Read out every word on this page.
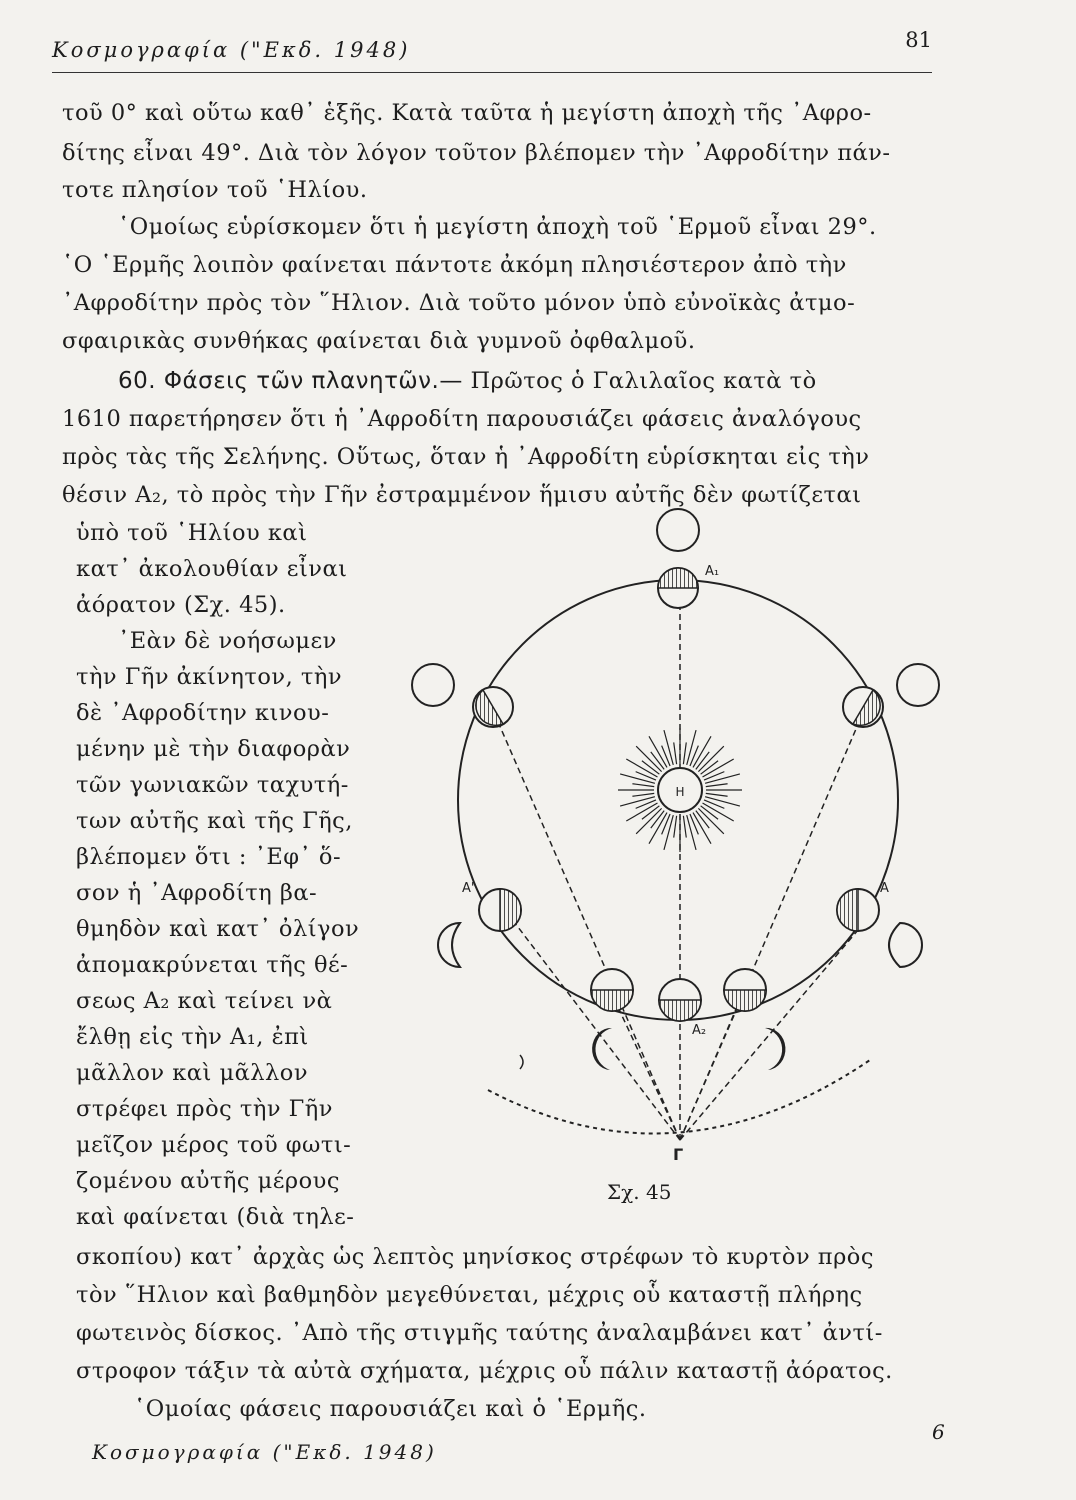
Κοσμογραφία ("Εκδ. 1948)	81
τοῦ 0° καὶ οὕτω καθ᾽ ἑξῆς. Κατὰ ταῦτα ἡ μεγίστη ἀποχὴ τῆς ᾿Αφρο-
δίτης εἶναι 49°. Διὰ τὸν λόγον τοῦτον βλέπομεν τὴν ᾿Αφροδίτην πάν-
τοτε πλησίον τοῦ ῾Ηλίου.
῾Ομοίως εὑρίσκομεν ὅτι ἡ μεγίστη ἀποχὴ τοῦ ῾Ερμοῦ εἶναι 29°.
῾Ο ῾Ερμῆς λοιπὸν φαίνεται πάντοτε ἀκόμη πλησιέστερον ἀπὸ τὴν
᾿Αφροδίτην πρὸς τὸν ῞Ηλιον. Διὰ τοῦτο μόνον ὑπὸ εὐνοϊκὰς ἀτμο-
σφαιρικὰς συνθήκας φαίνεται διὰ γυμνοῦ ὀφθαλμοῦ.
60. Φάσεις τῶν πλανητῶν.— Πρῶτος ὁ Γαλιλαῖος κατὰ τὸ
1610 παρετήρησεν ὅτι ἡ ᾿Αφροδίτη παρουσιάζει φάσεις ἀναλόγους
πρὸς τὰς τῆς Σελήνης. Οὕτως, ὅταν ἡ ᾿Αφροδίτη εὑρίσκηται εἰς τὴν
θέσιν Α₂, τὸ πρὸς τὴν Γῆν ἐστραμμένον ἥμισυ αὐτῆς δὲν φωτίζεται
ὑπὸ τοῦ ῾Ηλίου καὶ
κατ᾽ ἀκολουθίαν εἶναι
ἀόρατον (Σχ. 45).
᾿Εὰν δὲ νοήσωμεν
τὴν Γῆν ἀκίνητον, τὴν
δὲ ᾿Αφροδίτην κινου-
μένην μὲ τὴν διαφορὰν
τῶν γωνιακῶν ταχυτή-
των αὐτῆς καὶ τῆς Γῆς,
βλέπομεν ὅτι : ᾿Εφ᾽ ὅ-
σον ἡ ᾿Αφροδίτη βα-
θμηδὸν καὶ κατ᾽ ὀλίγον
ἀπομακρύνεται τῆς θέ-
σεως Α₂ καὶ τείνει νὰ
ἔλθῃ εἰς τὴν Α₁, ἐπὶ
μᾶλλον καὶ μᾶλλον
στρέφει πρὸς τὴν Γῆν
μεῖζον μέρος τοῦ φωτι-
ζομένου αὐτῆς μέρους
καὶ φαίνεται (διὰ τηλε-
σκοπίου) κατ᾽ ἀρχὰς ὡς λεπτὸς μηνίσκος στρέφων τὸ κυρτὸν πρὸς
τὸν ῞Ηλιον καὶ βαθμηδὸν μεγεθύνεται, μέχρις οὗ καταστῇ πλήρης
φωτεινὸς δίσκος. ᾿Απὸ τῆς στιγμῆς ταύτης ἀναλαμβάνει κατ᾽ ἀντί-
στροφον τάξιν τὰ αὐτὰ σχήματα, μέχρις οὗ πάλιν καταστῇ ἀόρατος.
῾Ομοίας φάσεις παρουσιάζει καὶ ὁ ῾Ερμῆς.
Η
Α₁
Α₂
Α'	Α
Γ
Σχ. 45
Κοσμογραφία ("Εκδ. 1948)
6
